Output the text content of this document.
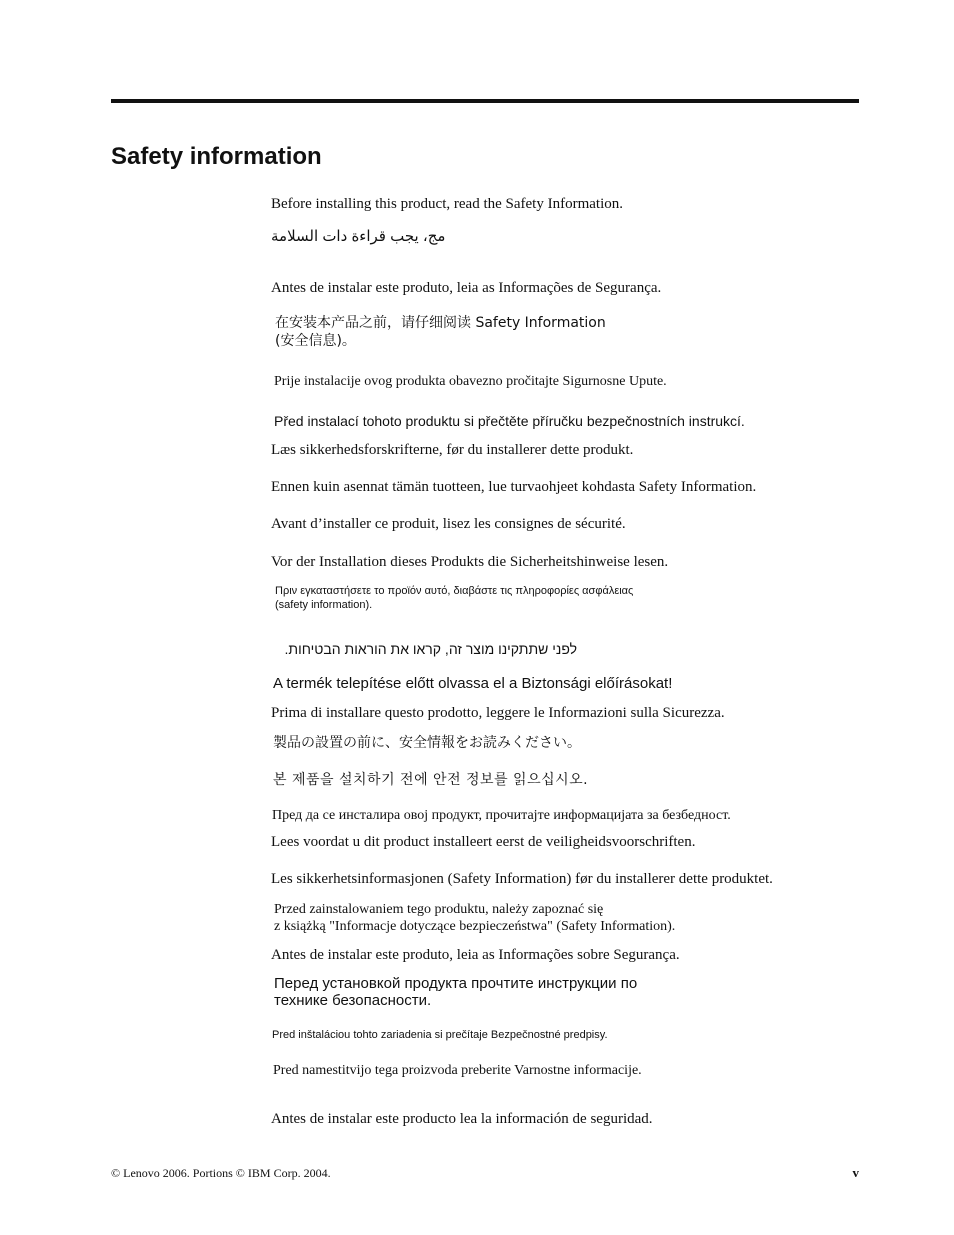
Safety information

Before installing this product, read the Safety Information.

مج، يجب قراءة دات السلامة

Antes de instalar este produto, leia as Informações de Segurança.

在安装本产品之前，请仔细阅读 Safety Information

(安全信息)。

Prije instalacije ovog produkta obavezno pročitajte Sigurnosne Upute.

Před instalací tohoto produktu si přečtěte příručku bezpečnostních instrukcí.

Læs sikkerhedsforskrifterne, før du installerer dette produkt.

Ennen kuin asennat tämän tuotteen, lue turvaohjeet kohdasta Safety Information.

Avant d’installer ce produit, lisez les consignes de sécurité.

Vor der Installation dieses Produkts die Sicherheitshinweise lesen.

Πριν εγκαταστήσετε το προϊόν αυτό, διαβάστε τις πληροφορίες ασφάλειας

(safety information).

לפני שתתקינו מוצר זה, קראו את הוראות הבטיחות.

A termék telepítése előtt olvassa el a Biztonsági előírásokat!

Prima di installare questo prodotto, leggere le Informazioni sulla Sicurezza.

製品の設置の前に、安全情報をお読みください。

본 제품을 설치하기 전에 안전 정보를 읽으십시오.

Пред да се инсталира овој продукт, прочитајте информацијата за безбедност.

Lees voordat u dit product installeert eerst de veiligheidsvoorschriften.

Les sikkerhetsinformasjonen (Safety Information) før du installerer dette produktet.

Przed zainstalowaniem tego produktu, należy zapoznać się

z książką "Informacje dotyczące bezpieczeństwa" (Safety Information).

Antes de instalar este produto, leia as Informações sobre Segurança.

Перед установкой продукта прочтите инструкции по

технике безопасности.

Pred inštaláciou tohto zariadenia si prečítaje Bezpečnostné predpisy.

Pred namestitvijo tega proizvoda preberite Varnostne informacije.

Antes de instalar este producto lea la información de seguridad.

© Lenovo 2006. Portions © IBM Corp. 2004.	v
